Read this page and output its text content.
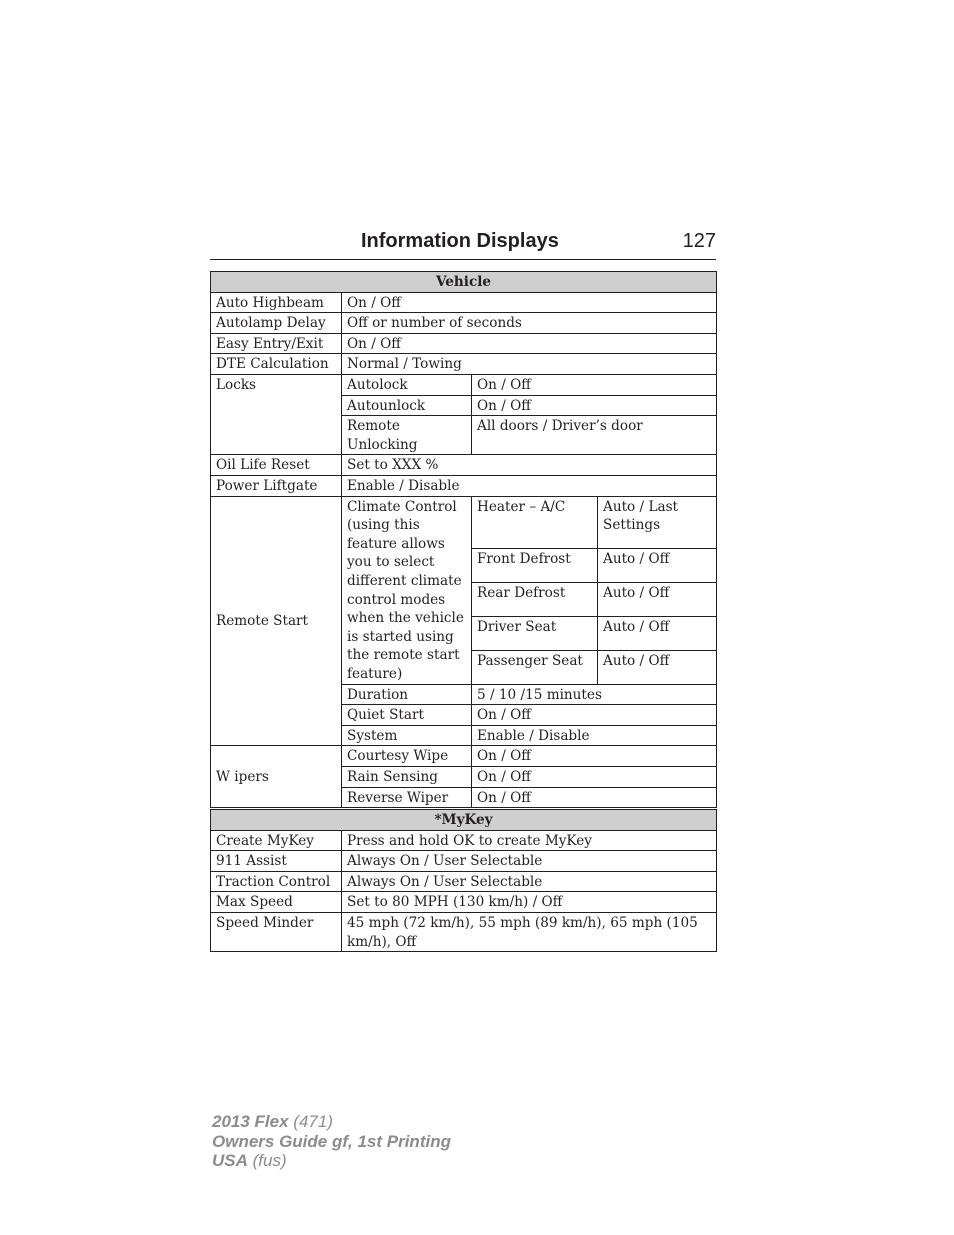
Information Displays	127
Vehicle			
Auto Highbeam	On / Off		
Autolamp Delay	Off or number of seconds		
Easy Entry/Exit	On / Off		
DTE Calculation	Normal / Towing		
Locks	Autolock	On / Off	
	Autounlock	On / Off	
	Remote Unlocking	All doors / Driver’s door	
Oil Life Reset	Set to XXX %		
Power Liftgate	Enable / Disable		
Remote Start	Climate Control (using this feature allows you to select different climate control modes when the vehicle is started using the remote start feature)	Heater – A/C	Auto / Last Settings
		Front Defrost	Auto / Off
		Rear Defrost	Auto / Off
		Driver Seat	Auto / Off
		Passenger Seat	Auto / Off
	Duration	5 / 10 /15 minutes	
	Quiet Start	On / Off	
	System	Enable / Disable	
W ipers	Courtesy Wipe	On / Off	
	Rain Sensing	On / Off	
	Reverse Wiper	On / Off	
*MyKey	
Create MyKey	Press and hold OK to create MyKey
911 Assist	Always On / User Selectable
Traction Control	Always On / User Selectable
Max Speed	Set to 80 MPH (130 km/h) / Off
Speed Minder	45 mph (72 km/h), 55 mph (89 km/h), 65 mph (105 km/h), Off
2013 Flex (471)
Owners Guide gf, 1st Printing
USA (fus)
